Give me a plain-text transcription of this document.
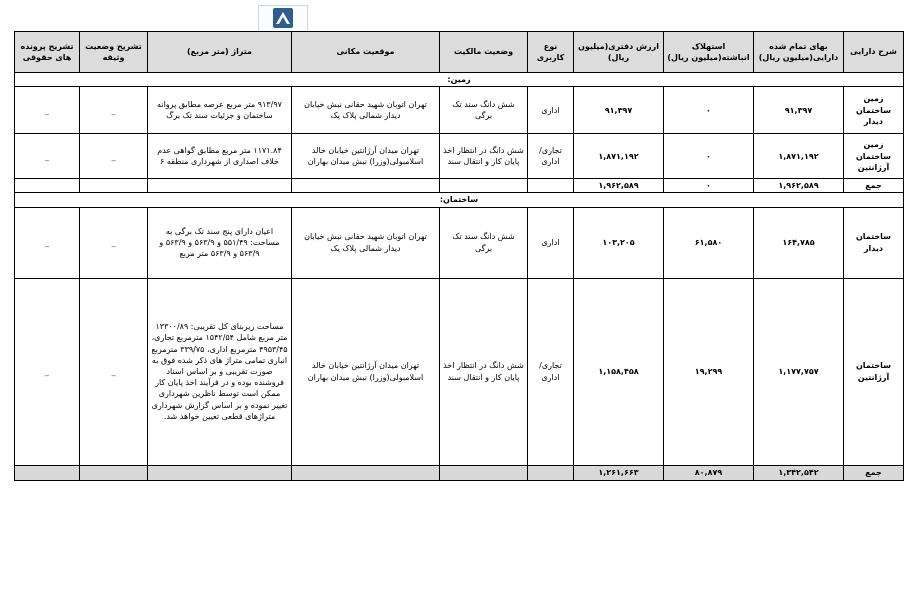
شرح دارایی	بهای تمام شده دارایی(میلیون ریال)	استهلاک انباشته(میلیون ریال)	ارزش دفتری(میلیون ریال)	نوع کاربری	وضعیت مالکیت	موقعیت مکانی	متراژ (متر مربع)	تشریح وضعیت وثیقه	تشریح پرونده های حقوقی
زمین:									
زمین ساختمان دیدار	۹۱,۳۹۷	۰	۹۱,۳۹۷	اداری	شش دانگ سند تک برگی	تهران اتوبان شهید حقانی نبش خیابان دیدار شمالی پلاک یک	۹۱۳/۹۷ متر مربع عرصه مطابق پروانه ساختمان و جزئیات سند تک برگ	_	_
زمین ساختمان آرژانتین	۱,۸۷۱,۱۹۲	۰	۱,۸۷۱,۱۹۲	تجاری/اداری	شش دانگ در انتظار اخذ پایان کار و انتقال سند	تهران میدان آرژانتین خیابان خالد اسلامبولی(وزرا) نبش میدان بهاران	۱۱۷۱.۸۴ متر مربع مطابق گواهی عدم خلاف اصداری از شهرداری منطقه ۶	_	_
جمع	۱,۹۶۲,۵۸۹	۰	۱,۹۶۲,۵۸۹						
ساختمان:									
ساختمان دیدار	۱۶۴,۷۸۵	۶۱,۵۸۰	۱۰۳,۲۰۵	اداری	شش دانگ سند تک برگی	تهران اتوبان شهید حقانی نبش خیابان دیدار شمالی پلاک یک	اعیان دارای پنج سند تک برگی به مساحت: ۵۵۱/۴۹ و ۵۶۳/۹ و ۵۶۳/۹ و ۵۶۳/۹ و ۵۶۳/۹ متر مربع	_	_
ساختمان آرژانتین	۱,۱۷۷,۷۵۷	۱۹,۲۹۹	۱,۱۵۸,۴۵۸	تجاری/اداری	شش دانگ در انتظار اخذ پایان کار و انتقال سند	تهران میدان آرژانتین خیابان خالد اسلامبولی(وزرا) نبش میدان بهاران	مساحت زیربنای کل تقریبی: ۱۳۳۰۰/۸۹ متر مربع شامل ۱۵۴۲/۵۴ مترمربع تجاری، ۴۹۵۳/۴۵ مترمربع اداری، ۳۳۹/۷۵ مترمربع انباری تمامی متراژ های ذکر شده فوق به صورت تقریبی و بر اساس اسناد فروشنده بوده و در فرآیند اخذ پایان کار ممکن است توسط ناظرین شهرداری تغییر نموده و بر اساس گزارش شهرداری متراژهای قطعی تعیین خواهد شد.	_	_
جمع	۱,۳۴۲,۵۴۲	۸۰,۸۷۹	۱,۲۶۱,۶۶۳						
